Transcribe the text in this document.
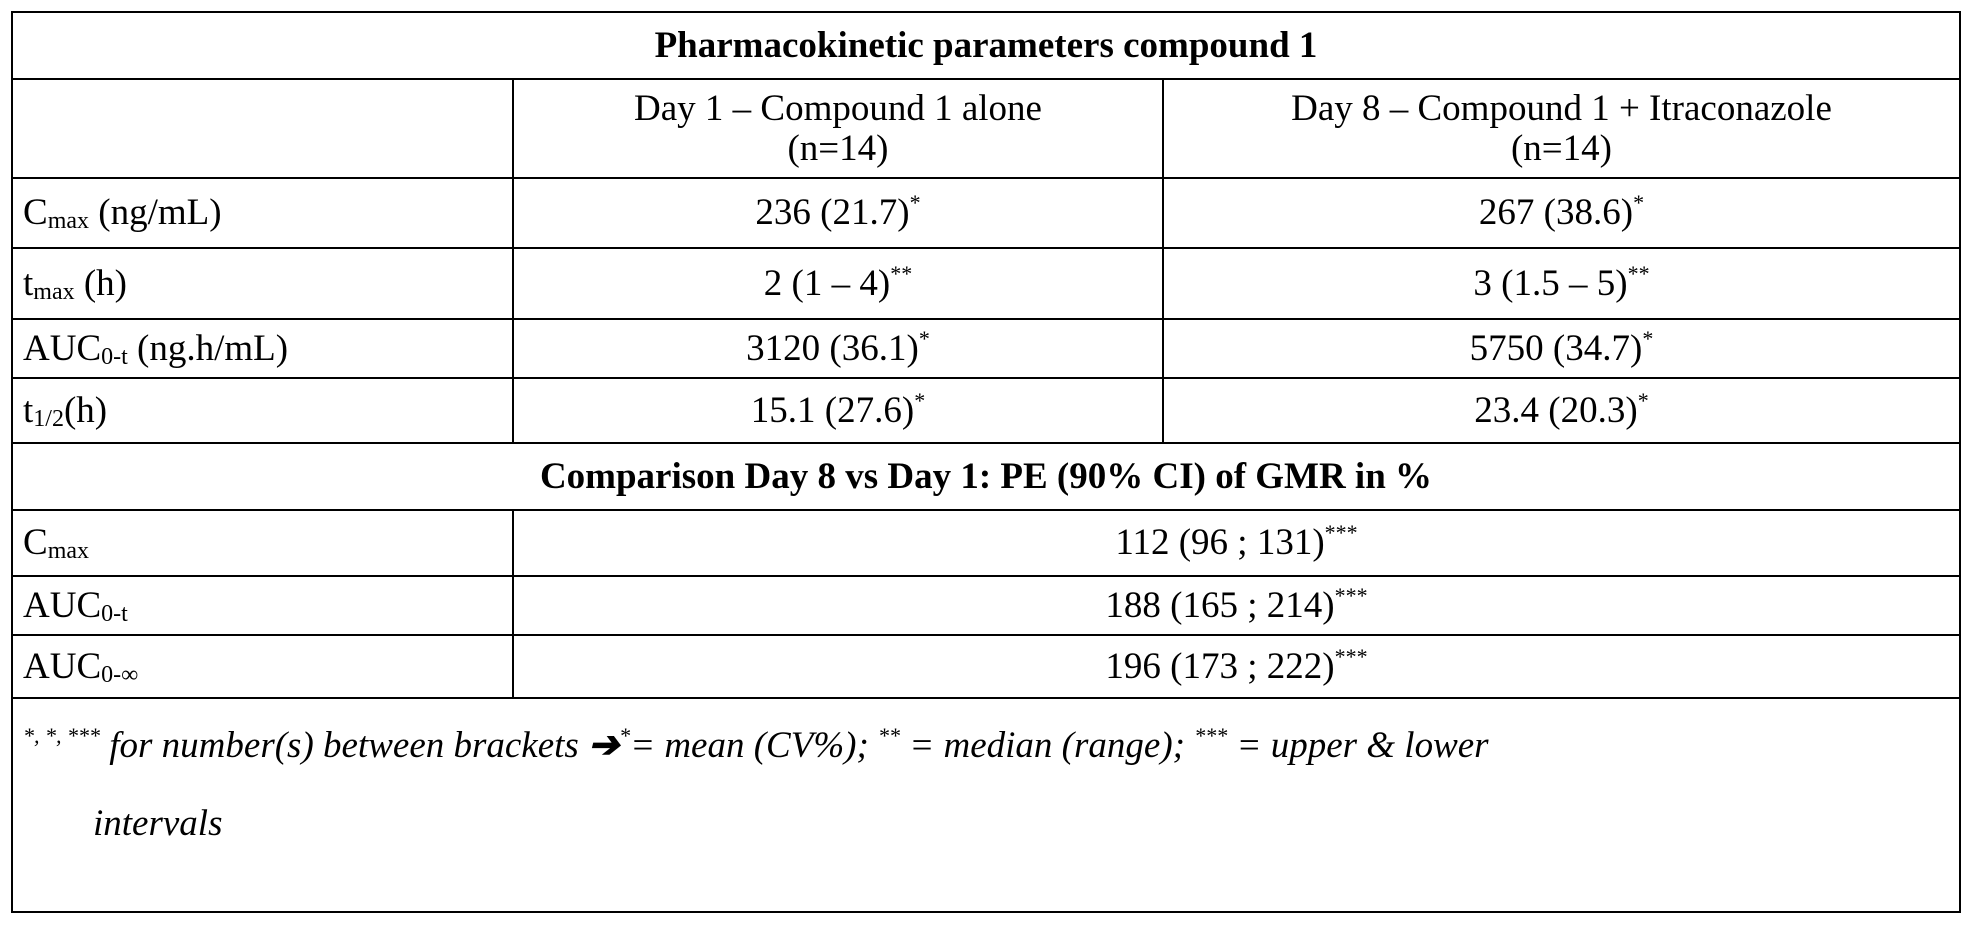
Pharmacokinetic parameters compound 1
	Day 1 – Compound 1 alone
(n=14)	Day 8 – Compound 1 + Itraconazole
(n=14)
Cmax (ng/mL)	236 (21.7)*	267 (38.6)*
tmax (h)	2 (1 – 4)**	3 (1.5 – 5)**
AUC0-t (ng.h/mL)	3120 (36.1)*	5750 (34.7)*
t1/2(h)	15.1 (27.6)*	23.4 (20.3)*
Comparison Day 8 vs Day 1: PE (90% CI) of GMR in %
Cmax	112 (96 ; 131)***
AUC0-t	188 (165 ; 214)***
AUC0-∞	196 (173 ; 222)***

*, *, *** for number(s) between brackets ➔*= mean (CV%); ** = median (range); *** = upper & lower
intervals
